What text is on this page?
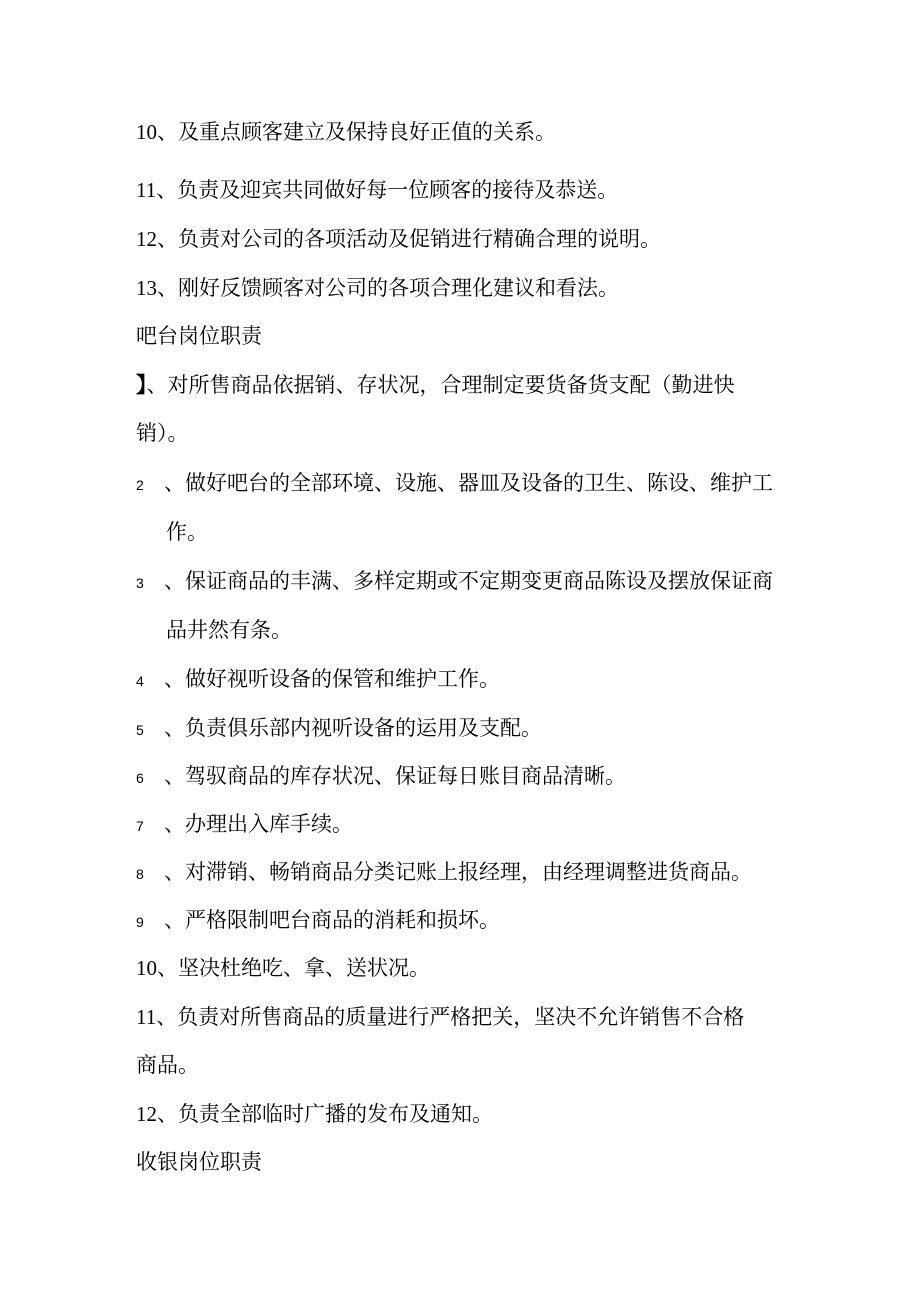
10、及重点顾客建立及保持良好正值的关系。
11、负责及迎宾共同做好每一位顾客的接待及恭送。
12、负责对公司的各项活动及促销进行精确合理的说明。
13、刚好反馈顾客对公司的各项合理化建议和看法。
吧台岗位职责
】、对所售商品依据销、存状况，合理制定要货备货支配（勤进快
销）。
2 、做好吧台的全部环境、设施、器皿及设备的卫生、陈设、维护工
作。
3 、保证商品的丰满、多样定期或不定期变更商品陈设及摆放保证商
品井然有条。
4 、做好视听设备的保管和维护工作。
5 、负责俱乐部内视听设备的运用及支配。
6 、驾驭商品的库存状况、保证每日账目商品清晰。
7 、办理出入库手续。
8 、对滞销、畅销商品分类记账上报经理，由经理调整进货商品。
9 、严格限制吧台商品的消耗和损坏。
10、坚决杜绝吃、拿、送状况。
11、负责对所售商品的质量进行严格把关，坚决不允许销售不合格
商品。
12、负责全部临时广播的发布及通知。
收银岗位职责
